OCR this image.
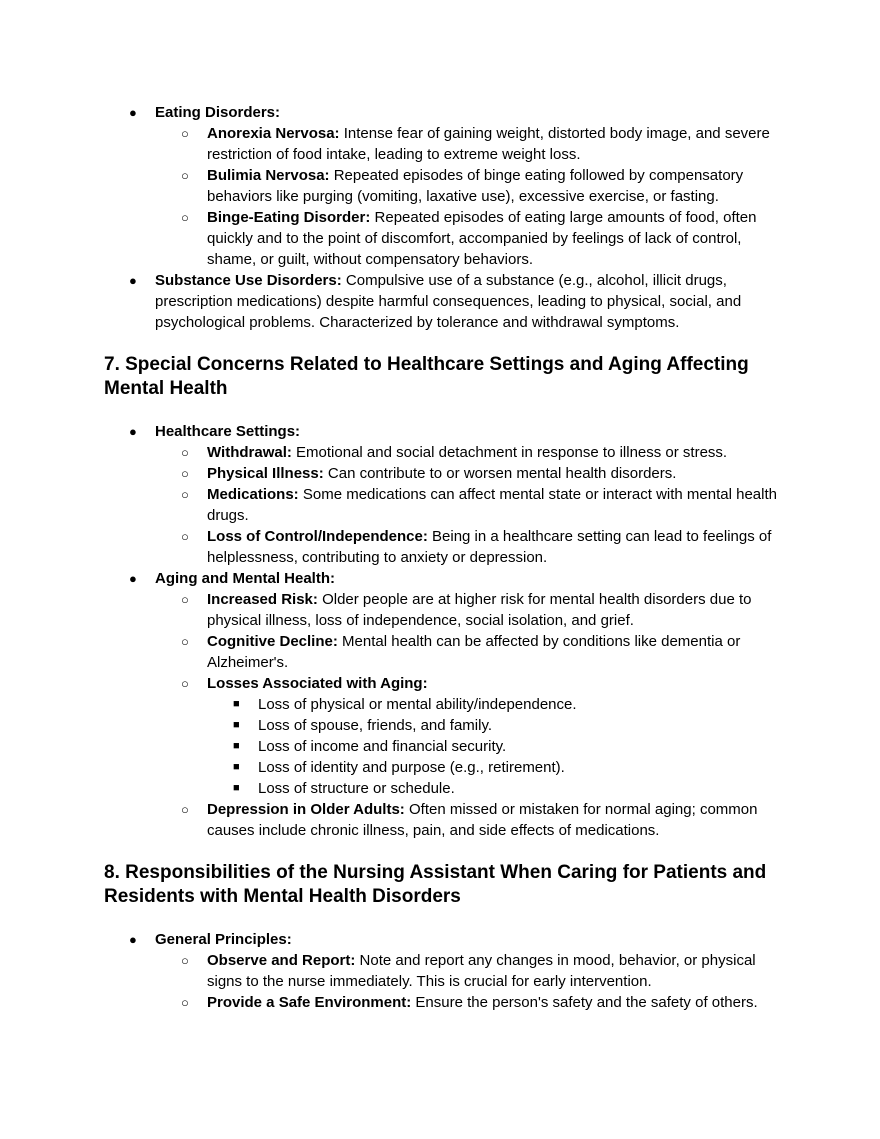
● Eating Disorders:
○ Anorexia Nervosa: Intense fear of gaining weight, distorted body image, and severe restriction of food intake, leading to extreme weight loss.
○ Bulimia Nervosa: Repeated episodes of binge eating followed by compensatory behaviors like purging (vomiting, laxative use), excessive exercise, or fasting.
○ Binge-Eating Disorder: Repeated episodes of eating large amounts of food, often quickly and to the point of discomfort, accompanied by feelings of lack of control, shame, or guilt, without compensatory behaviors.
● Substance Use Disorders: Compulsive use of a substance (e.g., alcohol, illicit drugs, prescription medications) despite harmful consequences, leading to physical, social, and psychological problems. Characterized by tolerance and withdrawal symptoms.
7. Special Concerns Related to Healthcare Settings and Aging Affecting Mental Health
● Healthcare Settings:
○ Withdrawal: Emotional and social detachment in response to illness or stress.
○ Physical Illness: Can contribute to or worsen mental health disorders.
○ Medications: Some medications can affect mental state or interact with mental health drugs.
○ Loss of Control/Independence: Being in a healthcare setting can lead to feelings of helplessness, contributing to anxiety or depression.
● Aging and Mental Health:
○ Increased Risk: Older people are at higher risk for mental health disorders due to physical illness, loss of independence, social isolation, and grief.
○ Cognitive Decline: Mental health can be affected by conditions like dementia or Alzheimer's.
○ Losses Associated with Aging:
■ Loss of physical or mental ability/independence.
■ Loss of spouse, friends, and family.
■ Loss of income and financial security.
■ Loss of identity and purpose (e.g., retirement).
■ Loss of structure or schedule.
○ Depression in Older Adults: Often missed or mistaken for normal aging; common causes include chronic illness, pain, and side effects of medications.
8. Responsibilities of the Nursing Assistant When Caring for Patients and Residents with Mental Health Disorders
● General Principles:
○ Observe and Report: Note and report any changes in mood, behavior, or physical signs to the nurse immediately. This is crucial for early intervention.
○ Provide a Safe Environment: Ensure the person's safety and the safety of others.
